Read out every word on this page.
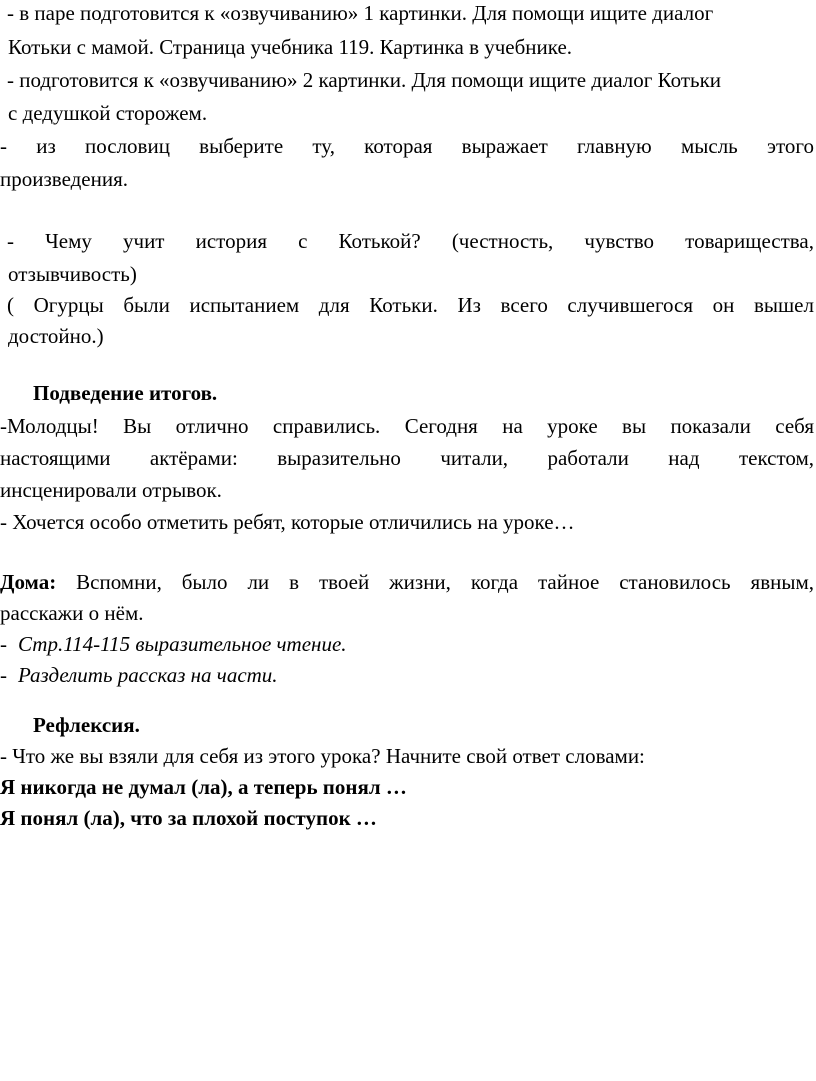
- в паре подготовится к «озвучиванию» 1 картинки. Для помощи ищите диалог
Котьки с мамой. Страница учебника 119. Картинка в учебнике.
- подготовится к «озвучиванию» 2 картинки. Для помощи ищите диалог Котьки
с дедушкой сторожем.
- из пословиц выберите ту, которая выражает главную мысль этого
произведения.
- Чему учит история с Котькой? (честность, чувство товарищества,
отзывчивость)
( Огурцы были испытанием для Котьки. Из всего случившегося он вышел
достойно.)
Подведение итогов.
-Молодцы! Вы отлично справились. Сегодня на уроке вы показали себя
настоящими актёрами: выразительно читали, работали над текстом,
инсценировали отрывок.
- Хочется особо отметить ребят, которые отличились на уроке…
Дома: Вспомни, было ли в твоей жизни, когда тайное становилось явным,
расскажи о нём.
- Стр.114-115 выразительное чтение.
- Разделить рассказ на части.
Рефлексия.
- Что же вы взяли для себя из этого урока? Начните свой ответ словами:
Я никогда не думал (ла), а теперь понял …
Я понял (ла), что за плохой поступок …
